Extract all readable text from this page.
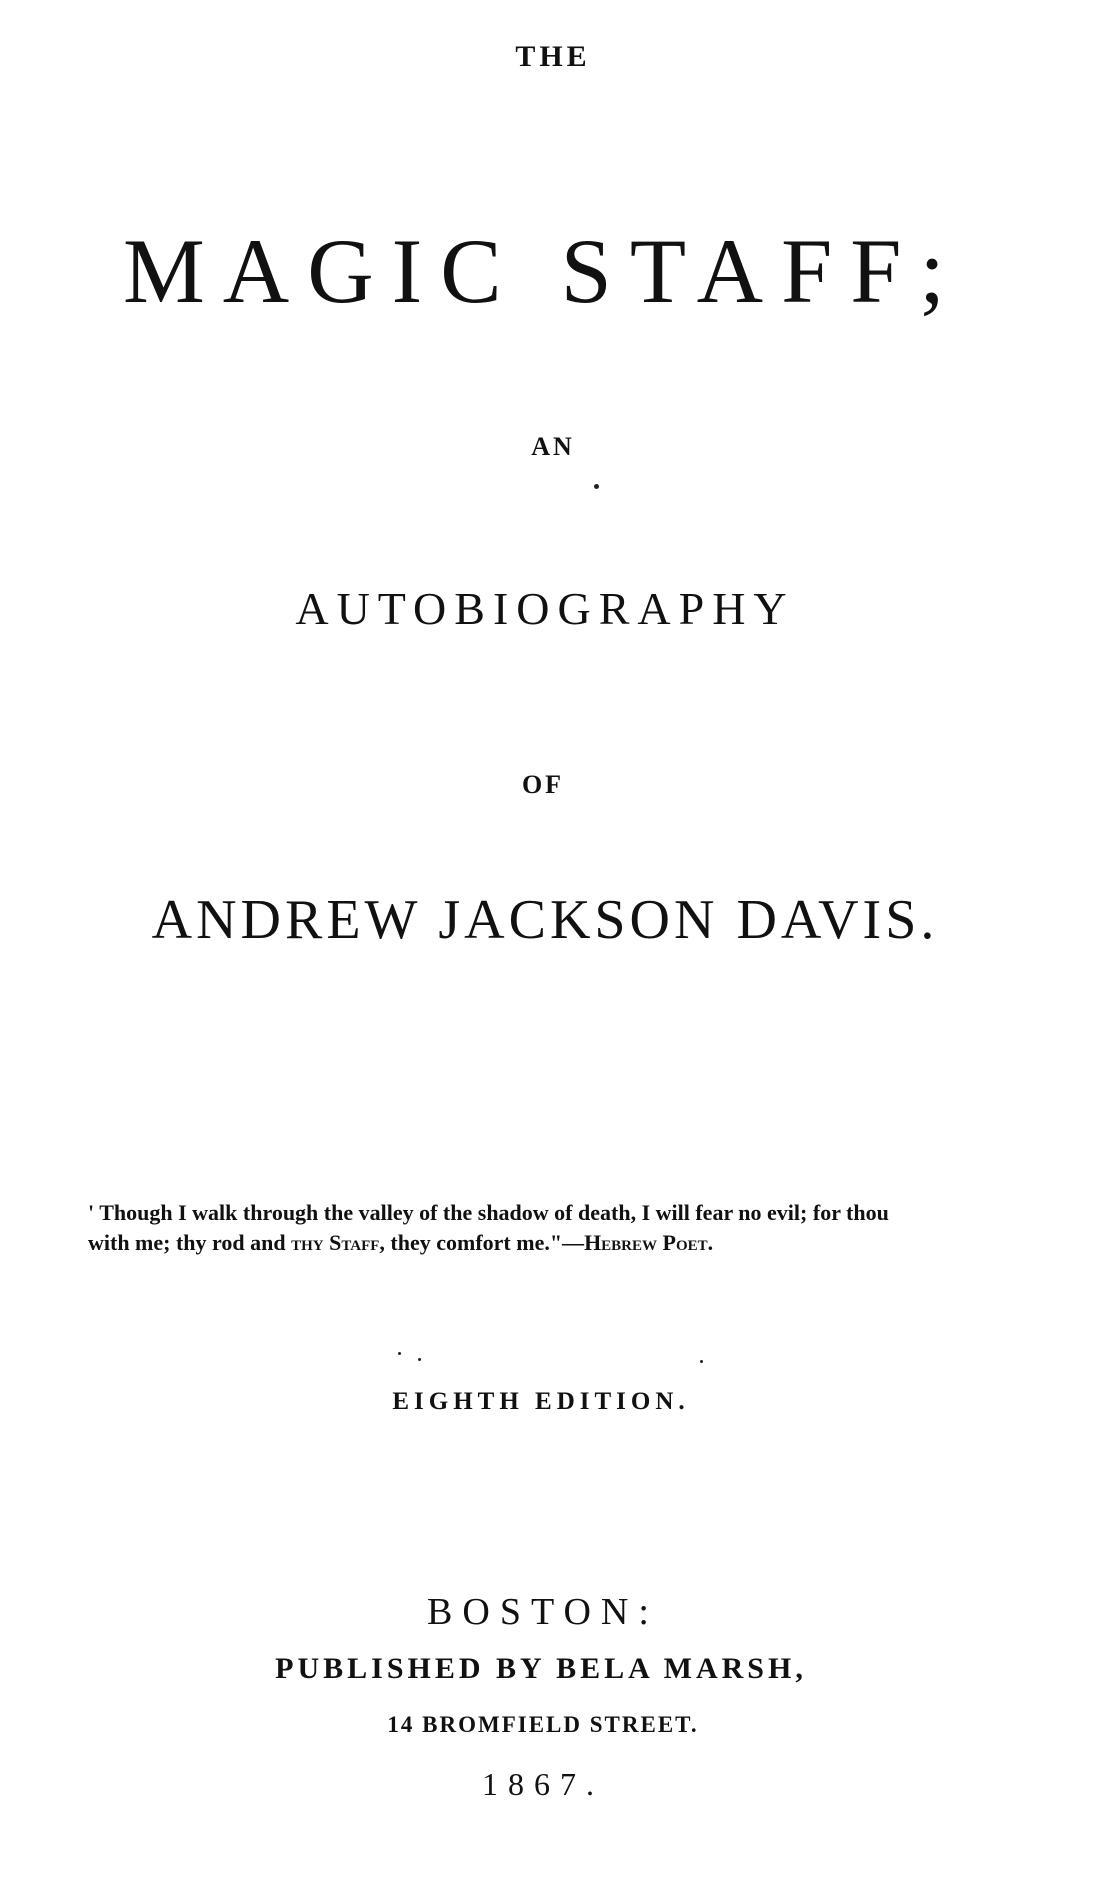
THE
MAGIC STAFF;
AN
AUTOBIOGRAPHY
OF
ANDREW JACKSON DAVIS.
' Though I walk through the valley of the shadow of death, I will fear no evil; for thou
with me; thy rod and thy Staff, they comfort me."—Hebrew Poet.
EIGHTH EDITION.
BOSTON:
PUBLISHED BY BELA MARSH,
14 BROMFIELD STREET.
1867.
